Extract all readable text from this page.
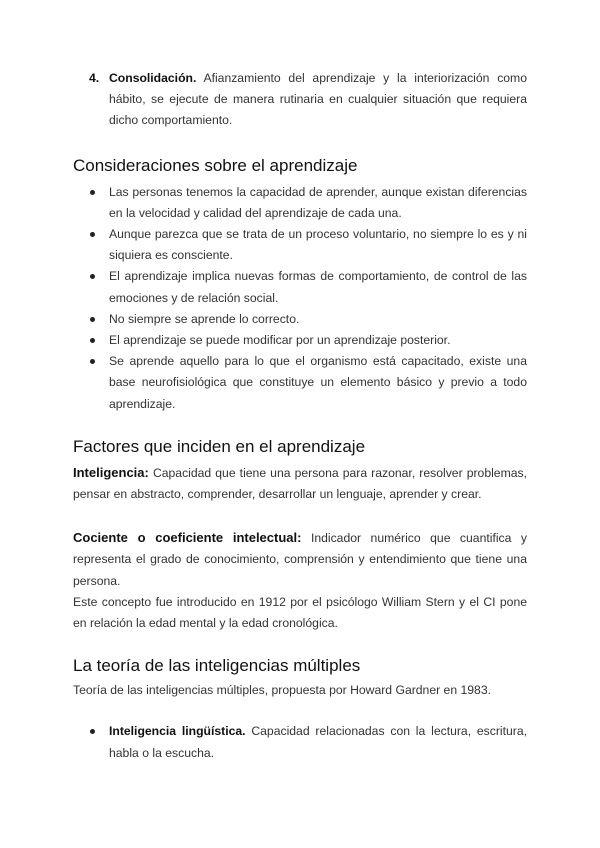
4. Consolidación. Afianzamiento del aprendizaje y la interiorización como hábito, se ejecute de manera rutinaria en cualquier situación que requiera dicho comportamiento.
Consideraciones sobre el aprendizaje
Las personas tenemos la capacidad de aprender, aunque existan diferencias en la velocidad y calidad del aprendizaje de cada una.
Aunque parezca que se trata de un proceso voluntario, no siempre lo es y ni siquiera es consciente.
El aprendizaje implica nuevas formas de comportamiento, de control de las emociones y de relación social.
No siempre se aprende lo correcto.
El aprendizaje se puede modificar por un aprendizaje posterior.
Se aprende aquello para lo que el organismo está capacitado, existe una base neurofisiológica que constituye un elemento básico y previo a todo aprendizaje.
Factores que inciden en el aprendizaje

Inteligencia: Capacidad que tiene una persona para razonar, resolver problemas, pensar en abstracto, comprender, desarrollar un lenguaje, aprender y crear.

Cociente o coeficiente intelectual: Indicador numérico que cuantifica y representa el grado de conocimiento, comprensión y entendimiento que tiene una persona.

Este concepto fue introducido en 1912 por el psicólogo William Stern y el CI pone en relación la edad mental y la edad cronológica.

La teoría de las inteligencias múltiples

Teoría de las inteligencias múltiples, propuesta por Howard Gardner en 1983.

Inteligencia lingüística. Capacidad relacionadas con la lectura, escritura, habla o la escucha.
